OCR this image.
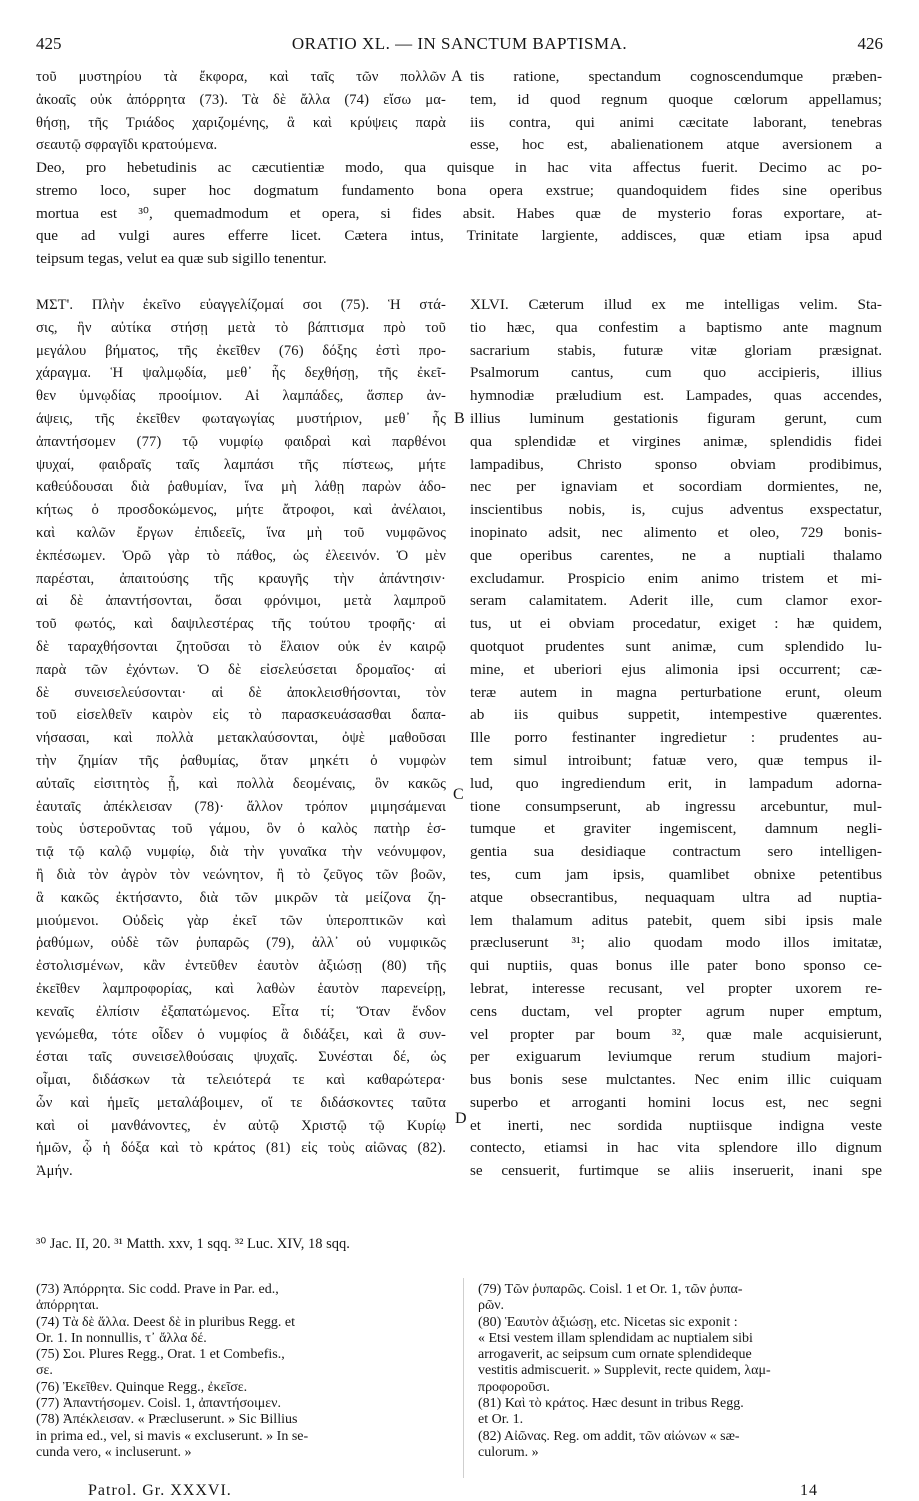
425	ORATIO XL. — IN SANCTUM BAPTISMA.	426
τοῦ μυστηρίου τὰ ἔκφορα, καὶ ταῖς τῶν πολλῶν
ἀκοαῖς οὐκ ἀπόρρητα (73). Τὰ δὲ ἄλλα (74) εἴσω μα-
θήσῃ, τῆς Τριάδος χαριζομένης, ἃ καὶ κρύψεις παρὰ
σεαυτῷ σφραγῖδι κρατούμενα.
tis ratione, spectandum cognoscendumque præben-
tem, id quod regnum quoque cœlorum appellamus;
iis contra, qui animi cæcitate laborant, tenebras
esse, hoc est, abalienationem atque aversionem a
Deo, pro hebetudinis ac cæcutientiæ modo, qua quisque in hac vita affectus fuerit. Decimo ac po-
stremo loco, super hoc dogmatum fundamento bona opera exstrue; quandoquidem fides sine operibus
mortua est ³⁰, quemadmodum et opera, si fides absit. Habes quæ de mysterio foras exportare, at-
que ad vulgi aures efferre licet. Cætera intus, Trinitate largiente, addisces, quæ etiam ipsa apud
teipsum tegas, velut ea quæ sub sigillo tenentur.
ΜΣΤ'. Πλὴν ἐκεῖνο εὐαγγελίζομαί σοι (75). Ἡ στά-
σις, ἣν αὐτίκα στήσῃ μετὰ τὸ βάπτισμα πρὸ τοῦ
μεγάλου βήματος, τῆς ἐκεῖθεν (76) δόξης ἐστὶ προ-
χάραγμα. Ἡ ψαλμῳδία, μεθ᾽ ἧς δεχθήσῃ, τῆς ἐκεῖ-
θεν ὑμνῳδίας προοίμιον. Αἱ λαμπάδες, ἅσπερ ἀν-
άψεις, τῆς ἐκεῖθεν φωταγωγίας μυστήριον, μεθ᾽ ἧς
ἀπαντήσομεν (77) τῷ νυμφίῳ φαιδραὶ καὶ παρθένοι
ψυχαί, φαιδραῖς ταῖς λαμπάσι τῆς πίστεως, μήτε
καθεύδουσαι διὰ ῥαθυμίαν, ἵνα μὴ λάθῃ παρὼν ἀδο-
κήτως ὁ προσδοκώμενος, μήτε ἄτροφοι, καὶ ἀνέλαιοι,
καὶ καλῶν ἔργων ἐπιδεεῖς, ἵνα μὴ τοῦ νυμφῶνος
ἐκπέσωμεν. Ὁρῶ γὰρ τὸ πάθος, ὡς ἐλεεινόν. Ὁ μὲν
παρέσται, ἀπαιτούσης τῆς κραυγῆς τὴν ἀπάντησιν·
αἱ δὲ ἀπαντήσονται, ὅσαι φρόνιμοι, μετὰ λαμπροῦ
τοῦ φωτός, καὶ δαψιλεστέρας τῆς τούτου τροφῆς· αἱ
δὲ ταραχθήσονται ζητοῦσαι τὸ ἔλαιον οὐκ ἐν καιρῷ
παρὰ τῶν ἐχόντων. Ὁ δὲ εἰσελεύσεται δρομαῖος· αἱ
δὲ συνεισελεύσονται· αἱ δὲ ἀποκλεισθήσονται, τὸν
τοῦ εἰσελθεῖν καιρὸν εἰς τὸ παρασκευάσασθαι δαπα-
νήσασαι, καὶ πολλὰ μετακλαύσονται, ὀψὲ μαθοῦσαι
τὴν ζημίαν τῆς ῥαθυμίας, ὅταν μηκέτι ὁ νυμφὼν
αὐταῖς εἰσιτητὸς ᾖ, καὶ πολλὰ δεομέναις, ὃν κακῶς
ἑαυταῖς ἀπέκλεισαν (78)· ἄλλον τρόπον μιμησάμεναι
τοὺς ὑστεροῦντας τοῦ γάμου, ὃν ὁ καλὸς πατὴρ ἑσ-
τιᾷ τῷ καλῷ νυμφίῳ, διὰ τὴν γυναῖκα τὴν νεόνυμφον,
ἢ διὰ τὸν ἀγρὸν τὸν νεώνητον, ἢ τὸ ζεῦγος τῶν βοῶν,
ἃ κακῶς ἐκτήσαντο, διὰ τῶν μικρῶν τὰ μείζονα ζη-
μιούμενοι. Οὐδεὶς γὰρ ἐκεῖ τῶν ὑπεροπτικῶν καὶ
ῥαθύμων, οὐδὲ τῶν ῥυπαρῶς (79), ἀλλ᾽ οὐ νυμφικῶς
ἐστολισμένων, κἂν ἐντεῦθεν ἑαυτὸν ἀξιώσῃ (80) τῆς
ἐκεῖθεν λαμπροφορίας, καὶ λαθὼν ἑαυτὸν παρενείρῃ,
κεναῖς ἐλπίσιν ἐξαπατώμενος. Εἶτα τί; Ὅταν ἔνδον
γενώμεθα, τότε οἶδεν ὁ νυμφίος ἃ διδάξει, καὶ ἃ συν-
έσται ταῖς συνεισελθούσαις ψυχαῖς. Συνέσται δέ, ὡς
οἶμαι, διδάσκων τὰ τελειότερά τε καὶ καθαρώτερα·
ὧν καὶ ἡμεῖς μεταλάβοιμεν, οἵ τε διδάσκοντες ταῦτα
καὶ οἱ μανθάνοντες, ἐν αὐτῷ Χριστῷ τῷ Κυρίῳ
ἡμῶν, ᾧ ἡ δόξα καὶ τὸ κράτος (81) εἰς τοὺς αἰῶνας (82).
Ἀμήν.
XLVI. Cæterum illud ex me intelligas velim. Sta-
tio hæc, qua confestim a baptismo ante magnum
sacrarium stabis, futuræ vitæ gloriam præsignat.
Psalmorum cantus, cum quo accipieris, illius
hymnodiæ præludium est. Lampades, quas accendes,
illius luminum gestationis figuram gerunt, cum
qua splendidæ et virgines animæ, splendidis fidei
lampadibus, Christo sponso obviam prodibimus,
nec per ignaviam et socordiam dormientes, ne,
inscientibus nobis, is, cujus adventus exspectatur,
inopinato adsit, nec alimento et oleo, 729 bonis-
que operibus carentes, ne a nuptiali thalamo
excludamur. Prospicio enim animo tristem et mi-
seram calamitatem. Aderit ille, cum clamor exor-
tus, ut ei obviam procedatur, exiget : hæ quidem,
quotquot prudentes sunt animæ, cum splendido lu-
mine, et uberiori ejus alimonia ipsi occurrent; cæ-
teræ autem in magna perturbatione erunt, oleum
ab iis quibus suppetit, intempestive quærentes.
Ille porro festinanter ingredietur : prudentes au-
tem simul introibunt; fatuæ vero, quæ tempus il-
lud, quo ingrediendum erit, in lampadum adorna-
tione consumpserunt, ab ingressu arcebuntur, mul-
tumque et graviter ingemiscent, damnum negli-
gentia sua desidiaque contractum sero intelligen-
tes, cum jam ipsis, quamlibet obnixe petentibus
atque obsecrantibus, nequaquam ultra ad nuptia-
lem thalamum aditus patebit, quem sibi ipsis male
præcluserunt ³¹; alio quodam modo illos imitatæ,
qui nuptiis, quas bonus ille pater bono sponso ce-
lebrat, interesse recusant, vel propter uxorem re-
cens ductam, vel propter agrum nuper emptum,
vel propter par boum ³², quæ male acquisierunt,
per exiguarum leviumque rerum studium majori-
bus bonis sese mulctantes. Nec enim illic cuiquam
superbo et arroganti homini locus est, nec segni
et inerti, nec sordida nuptiisque indigna veste
contecto, etiamsi in hac vita splendore illo dignum
se censuerit, furtimque se aliis inseruerit, inani spe
A
B
C
D
³⁰ Jac. II, 20. ³¹ Matth. xxv, 1 sqq. ³² Luc. XIV, 18 sqq.
(73) Ἀπόρρητα. Sic codd. Prave in Par. ed.,
ἀπόρρηται.
(74) Τὰ δὲ ἄλλα. Deest δὲ in pluribus Regg. et
Or. 1. In nonnullis, τ᾽ ἄλλα δέ.
(75) Σοι. Plures Regg., Orat. 1 et Combefis.,
σε.
(76) Ἐκεῖθεν. Quinque Regg., ἐκεῖσε.
(77) Ἀπαντήσομεν. Coisl. 1, ἀπαντήσοιμεν.
(78) Ἀπέκλεισαν. « Præcluserunt. » Sic Billius
in prima ed., vel, si mavis « excluserunt. » In se-
cunda vero, « incluserunt. »
(79) Τῶν ῥυπαρῶς. Coisl. 1 et Or. 1, τῶν ῥυπα-
ρῶν.
(80) Ἑαυτὸν ἀξιώσῃ, etc. Nicetas sic exponit :
« Etsi vestem illam splendidam ac nuptialem sibi
arrogaverit, ac seipsum cum ornate splendideque
vestitis admiscuerit. » Supplevit, recte quidem, λαμ-
προφοροῦσι.
(81) Καὶ τὸ κράτος. Hæc desunt in tribus Regg.
et Or. 1.
(82) Αἰῶνας. Reg. om addit, τῶν αἰώνων « sæ-
culorum. »
Patrol. Gr. XXXVI.	14
